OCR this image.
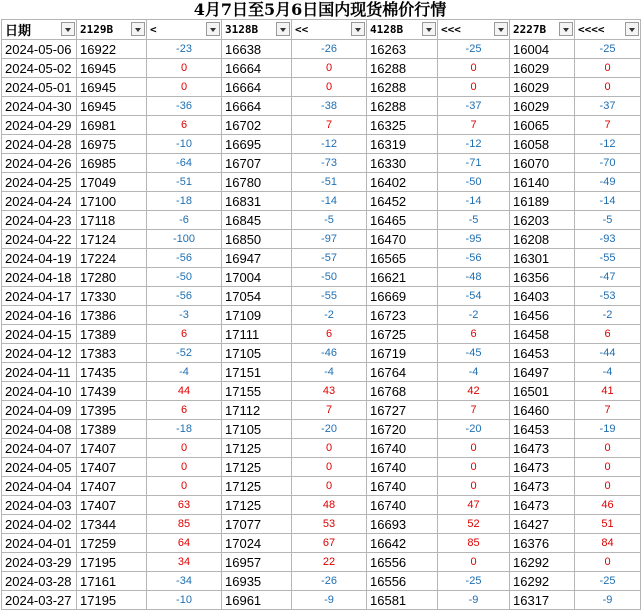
4月7日至5月6日国内现货棉价行情
日期	2129B	<	3128B	<<	4128B	<<<	2227B	<<<<

2024-05-06	16922	-23	16638	-26	16263	-25	16004	-25
2024-05-02	16945	0	16664	0	16288	0	16029	0
2024-05-01	16945	0	16664	0	16288	0	16029	0
2024-04-30	16945	-36	16664	-38	16288	-37	16029	-37
2024-04-29	16981	6	16702	7	16325	7	16065	7
2024-04-28	16975	-10	16695	-12	16319	-12	16058	-12
2024-04-26	16985	-64	16707	-73	16330	-71	16070	-70
2024-04-25	17049	-51	16780	-51	16402	-50	16140	-49
2024-04-24	17100	-18	16831	-14	16452	-14	16189	-14
2024-04-23	17118	-6	16845	-5	16465	-5	16203	-5
2024-04-22	17124	-100	16850	-97	16470	-95	16208	-93
2024-04-19	17224	-56	16947	-57	16565	-56	16301	-55
2024-04-18	17280	-50	17004	-50	16621	-48	16356	-47
2024-04-17	17330	-56	17054	-55	16669	-54	16403	-53
2024-04-16	17386	-3	17109	-2	16723	-2	16456	-2
2024-04-15	17389	6	17111	6	16725	6	16458	6
2024-04-12	17383	-52	17105	-46	16719	-45	16453	-44
2024-04-11	17435	-4	17151	-4	16764	-4	16497	-4
2024-04-10	17439	44	17155	43	16768	42	16501	41
2024-04-09	17395	6	17112	7	16727	7	16460	7
2024-04-08	17389	-18	17105	-20	16720	-20	16453	-19
2024-04-07	17407	0	17125	0	16740	0	16473	0
2024-04-05	17407	0	17125	0	16740	0	16473	0
2024-04-04	17407	0	17125	0	16740	0	16473	0
2024-04-03	17407	63	17125	48	16740	47	16473	46
2024-04-02	17344	85	17077	53	16693	52	16427	51
2024-04-01	17259	64	17024	67	16642	85	16376	84
2024-03-29	17195	34	16957	22	16556	0	16292	0
2024-03-28	17161	-34	16935	-26	16556	-25	16292	-25
2024-03-27	17195	-10	16961	-9	16581	-9	16317	-9
